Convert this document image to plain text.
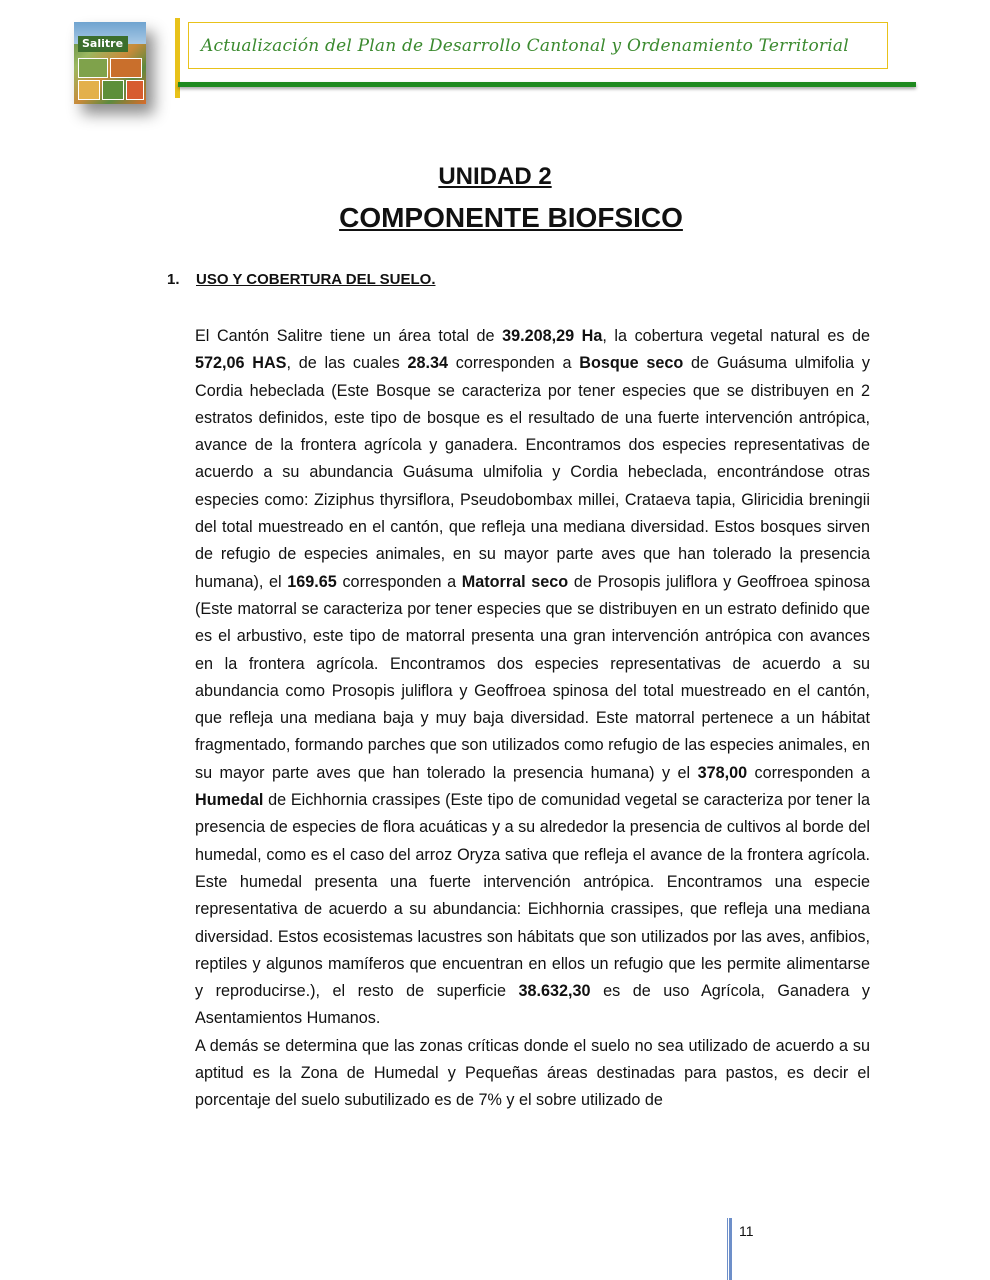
Salitre	Actualización del Plan de Desarrollo Cantonal y Ordenamiento Territorial
UNIDAD 2
COMPONENTE BIOFSICO
1. USO Y COBERTURA DEL SUELO.

El Cantón Salitre tiene un área total de 39.208,29 Ha, la cobertura vegetal natural es de 572,06 HAS, de las cuales 28.34 corresponden a Bosque seco de Guásuma ulmifolia y Cordia hebeclada (Este Bosque se caracteriza por tener especies que se distribuyen en 2 estratos definidos, este tipo de bosque es el resultado de una fuerte intervención antrópica, avance de la frontera agrícola y ganadera. Encontramos dos especies representativas de acuerdo a su abundancia Guásuma ulmifolia y Cordia hebeclada, encontrándose otras especies como: Ziziphus thyrsiflora, Pseudobombax millei, Crataeva tapia, Gliricidia breningii del total muestreado en el cantón, que refleja una mediana diversidad. Estos bosques sirven de refugio de especies animales, en su mayor parte aves que han tolerado la presencia humana), el 169.65 corresponden a Matorral seco de Prosopis juliflora y Geoffroea spinosa (Este matorral se caracteriza por tener especies que se distribuyen en un estrato definido que es el arbustivo, este tipo de matorral presenta una gran intervención antrópica con avances en la frontera agrícola. Encontramos dos especies representativas de acuerdo a su abundancia como Prosopis juliflora y Geoffroea spinosa del total muestreado en el cantón, que refleja una mediana baja y muy baja diversidad. Este matorral pertenece a un hábitat fragmentado, formando parches que son utilizados como refugio de las especies animales, en su mayor parte aves que han tolerado la presencia humana) y el 378,00 corresponden a Humedal de Eichhornia crassipes (Este tipo de comunidad vegetal se caracteriza por tener la presencia de especies de flora acuáticas y a su alrededor la presencia de cultivos al borde del humedal, como es el caso del arroz Oryza sativa que refleja el avance de la frontera agrícola. Este humedal presenta una fuerte intervención antrópica. Encontramos una especie representativa de acuerdo a su abundancia: Eichhornia crassipes, que refleja una mediana diversidad. Estos ecosistemas lacustres son hábitats que son utilizados por las aves, anfibios, reptiles y algunos mamíferos que encuentran en ellos un refugio que les permite alimentarse y reproducirse.), el resto de superficie 38.632,30 es de uso Agrícola, Ganadera y Asentamientos Humanos.

A demás se determina que las zonas críticas donde el suelo no sea utilizado de acuerdo a su aptitud es la Zona de Humedal y Pequeñas áreas destinadas para pastos, es decir el porcentaje del suelo subutilizado es de 7% y el sobre utilizado de

11
